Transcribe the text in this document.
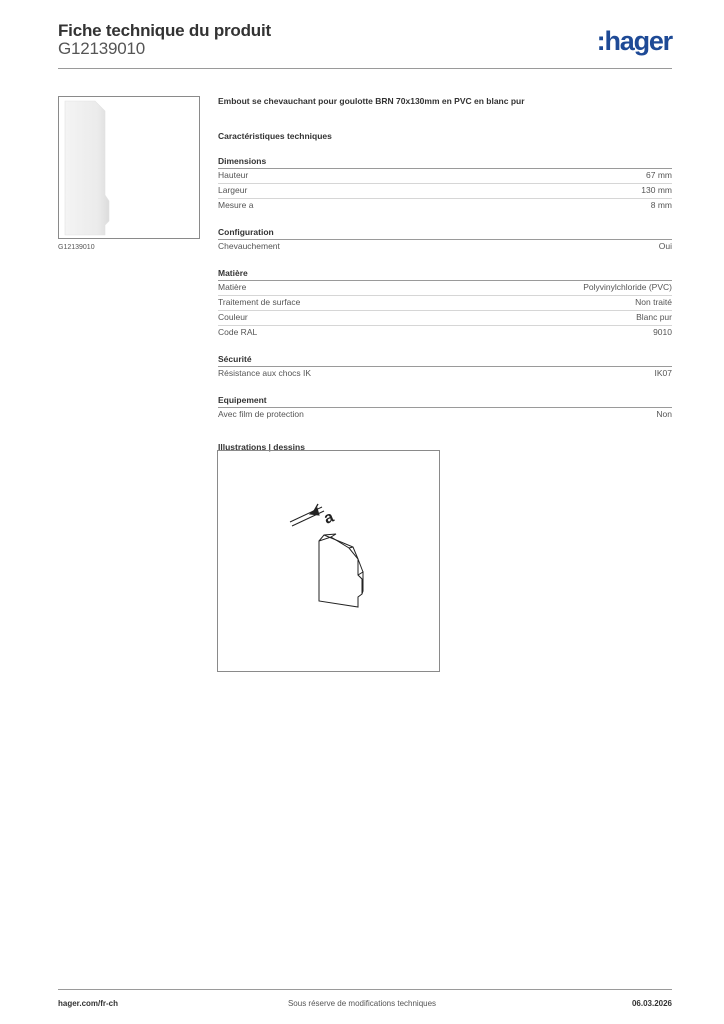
Fiche technique du produit
G12139010	:hager
G12139010
Embout se chevauchant pour goulotte BRN 70x130mm en PVC en blanc pur
Caractéristiques techniques
Dimensions
Hauteur	67 mm
Largeur	130 mm
Mesure a	8 mm
Configuration
Chevauchement	Oui
Matière
Matière	Polyvinylchloride (PVC)
Traitement de surface	Non traité
Couleur	Blanc pur
Code RAL	9010
Sécurité
Résistance aux chocs IK	IK07
Equipement
Avec film de protection	Non
Illustrations | dessins
a
hager.com/fr-ch	Sous réserve de modifications techniques	06.03.2026
